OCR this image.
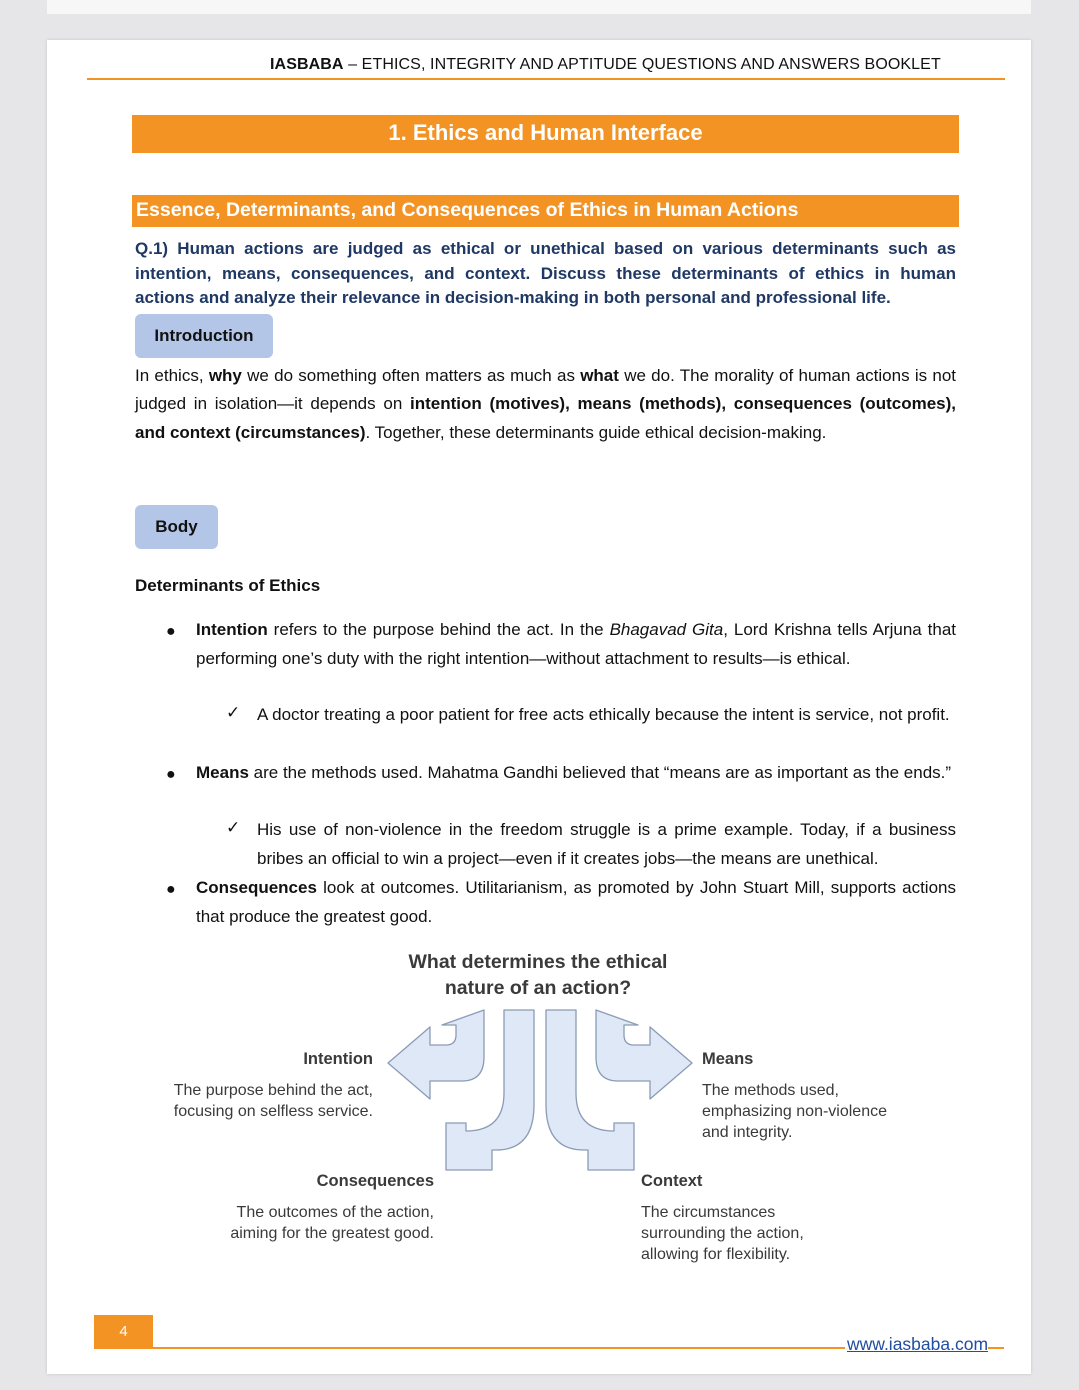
IASBABA – ETHICS, INTEGRITY AND APTITUDE QUESTIONS AND ANSWERS BOOKLET
1. Ethics and Human Interface
Essence, Determinants, and Consequences of Ethics in Human Actions
Q.1) Human actions are judged as ethical or unethical based on various determinants such as intention, means, consequences, and context. Discuss these determinants of ethics in human actions and analyze their relevance in decision-making in both personal and professional life.
Introduction
In ethics, why we do something often matters as much as what we do. The morality of human actions is not judged in isolation—it depends on intention (motives), means (methods), consequences (outcomes), and context (circumstances). Together, these determinants guide ethical decision-making.
Body
Determinants of Ethics
● Intention refers to the purpose behind the act. In the Bhagavad Gita, Lord Krishna tells Arjuna that performing one’s duty with the right intention—without attachment to results—is ethical.
✓ A doctor treating a poor patient for free acts ethically because the intent is service, not profit.
● Means are the methods used. Mahatma Gandhi believed that “means are as important as the ends.”
✓ His use of non-violence in the freedom struggle is a prime example. Today, if a business bribes an official to win a project—even if it creates jobs—the means are unethical.
● Consequences look at outcomes. Utilitarianism, as promoted by John Stuart Mill, supports actions that produce the greatest good.
What determines the ethical nature of an action?
Intention
The purpose behind the act, focusing on selfless service.
Means
The methods used, emphasizing non-violence and integrity.
Consequences
The outcomes of the action, aiming for the greatest good.
Context
The circumstances surrounding the action, allowing for flexibility.
4
www.iasbaba.com
